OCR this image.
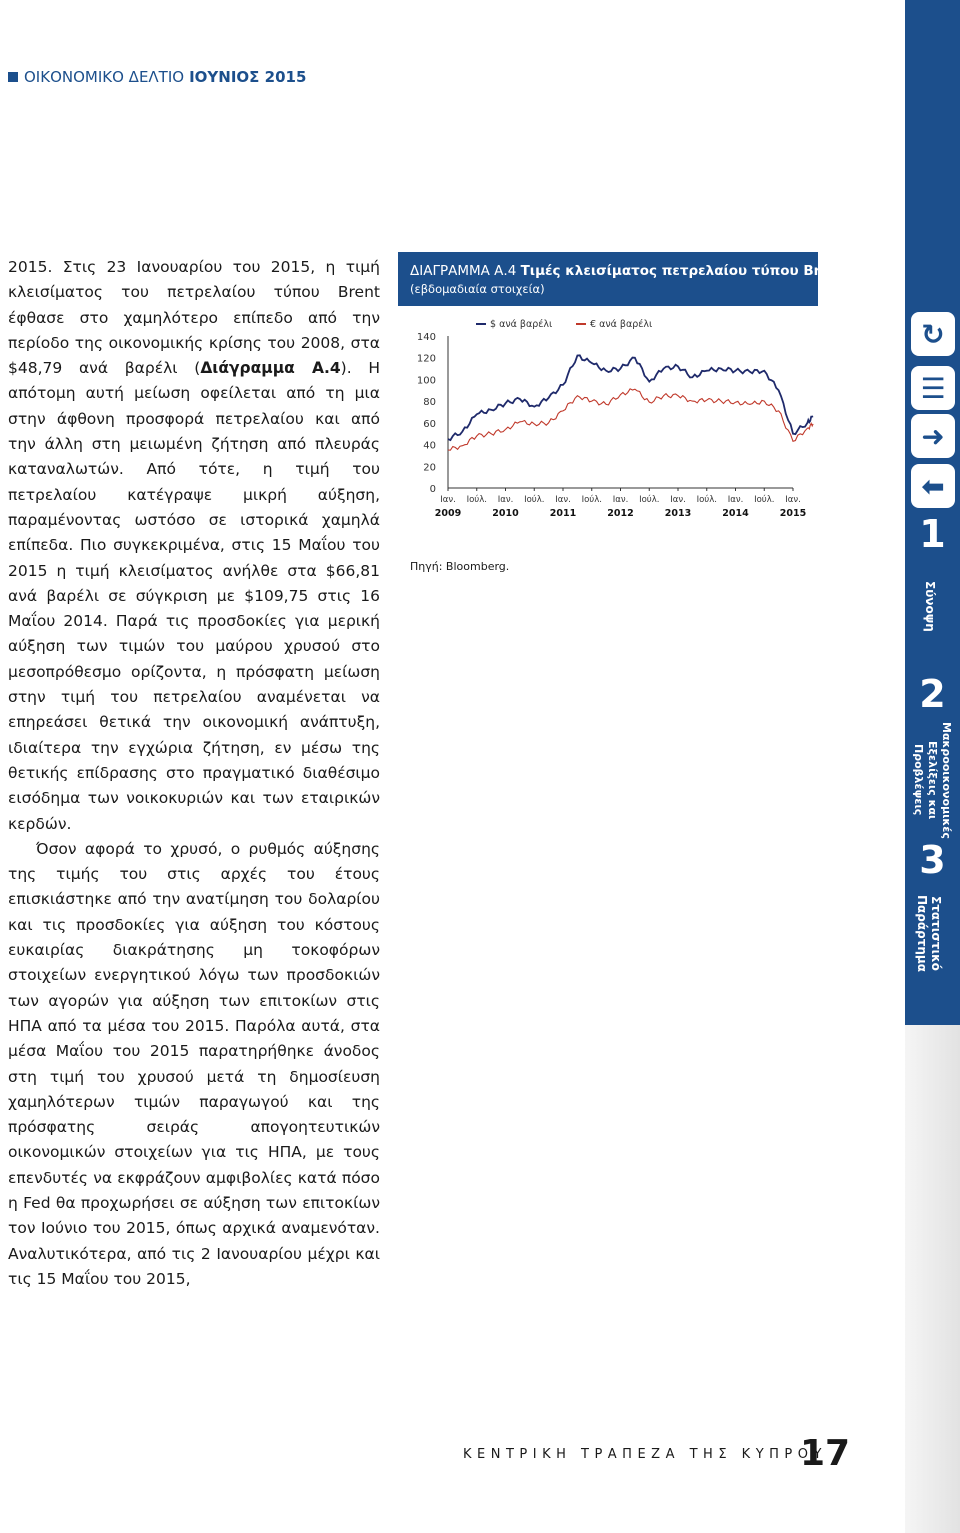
ΟΙΚΟΝΟΜΙΚΟ ΔΕΛΤΙΟ ΙΟΥΝΙΟΣ 2015

2015. Στις 23 Ιανουαρίου του 2015, η τιμή κλεισίματος του πετρελαίου τύπου Brent έφθασε στο χαμηλότερο επίπεδο από την περίοδο της οικονομικής κρίσης του 2008, στα $48,79 ανά βαρέλι (Διάγραμμα Α.4). Η απότομη αυτή μείωση οφείλεται από τη μια στην άφθονη προσφορά πετρελαίου και από την άλλη στη μειωμένη ζήτηση από πλευράς καταναλωτών. Από τότε, η τιμή του πετρελαίου κατέγραψε μικρή αύξηση, παραμένοντας ωστόσο σε ιστορικά χαμηλά επίπεδα. Πιο συγκεκριμένα, στις 15 Μαΐου του 2015 η τιμή κλεισίματος ανήλθε στα $66,81 ανά βαρέλι σε σύγκριση με $109,75 στις 16 Μαΐου 2014. Παρά τις προσδοκίες για μερική αύξηση των τιμών του μαύρου χρυσού στο μεσοπρόθεσμο ορίζοντα, η πρόσφατη μείωση στην τιμή του πετρελαίου αναμένεται να επηρεάσει θετικά την οικονομική ανάπτυξη, ιδιαίτερα την εγχώρια ζήτηση, εν μέσω της θετικής επίδρασης στο πραγματικό διαθέσιμο εισόδημα των νοικοκυριών και των εταιρικών κερδών.

Όσον αφορά το χρυσό, ο ρυθμός αύξησης της τιμής του στις αρχές του έτους επισκιάστηκε από την ανατίμηση του δολαρίου και τις προσδοκίες για αύξηση του κόστους ευκαιρίας διακράτησης μη τοκοφόρων στοιχείων ενεργητικού λόγω των προσδοκιών των αγορών για αύξηση των επιτοκίων στις ΗΠΑ από τα μέσα του 2015. Παρόλα αυτά, στα μέσα Μαΐου του 2015 παρατηρήθηκε άνοδος στη τιμή του χρυσού μετά τη δημοσίευση χαμηλότερων τιμών παραγωγού και της πρόσφατης σειράς απογοητευτικών οικονομικών στοιχείων για τις ΗΠΑ, με τους επενδυτές να εκφράζουν αμφιβολίες κατά πόσο η Fed θα προχωρήσει σε αύξηση των επιτοκίων τον Ιούνιο του 2015, όπως αρχικά αναμενόταν. Αναλυτικότερα, από τις 2 Ιανουαρίου μέχρι και τις 15 Μαΐου του 2015,

ΔΙΑΓΡΑΜΜΑ Α.4 Τιμές κλεισίματος πετρελαίου τύπου Brent
(εβδομαδιαία στοιχεία)
0
20
40
60
80
100
120
140
Ιαν. Ιούλ. Ιαν. Ιούλ. Ιαν. Ιούλ. Ιαν. Ιούλ. Ιαν. Ιούλ. Ιαν. Ιούλ. Ιαν.
2009	2010	2011	2012	2013	2014	2015
$ ανά βαρέλι	€ ανά βαρέλι
Πηγή: Bloomberg.
↻
☰
➜
⬅
1
Σύνοψη
2
Μακροοικονομικές Εξελίξεις και Προβλέψεις
3
Στατιστικό Παράρτημα
ΚΕΝΤΡΙΚΗ ΤΡΑΠΕΖΑ ΤΗΣ ΚΥΠΡΟΥ
17
